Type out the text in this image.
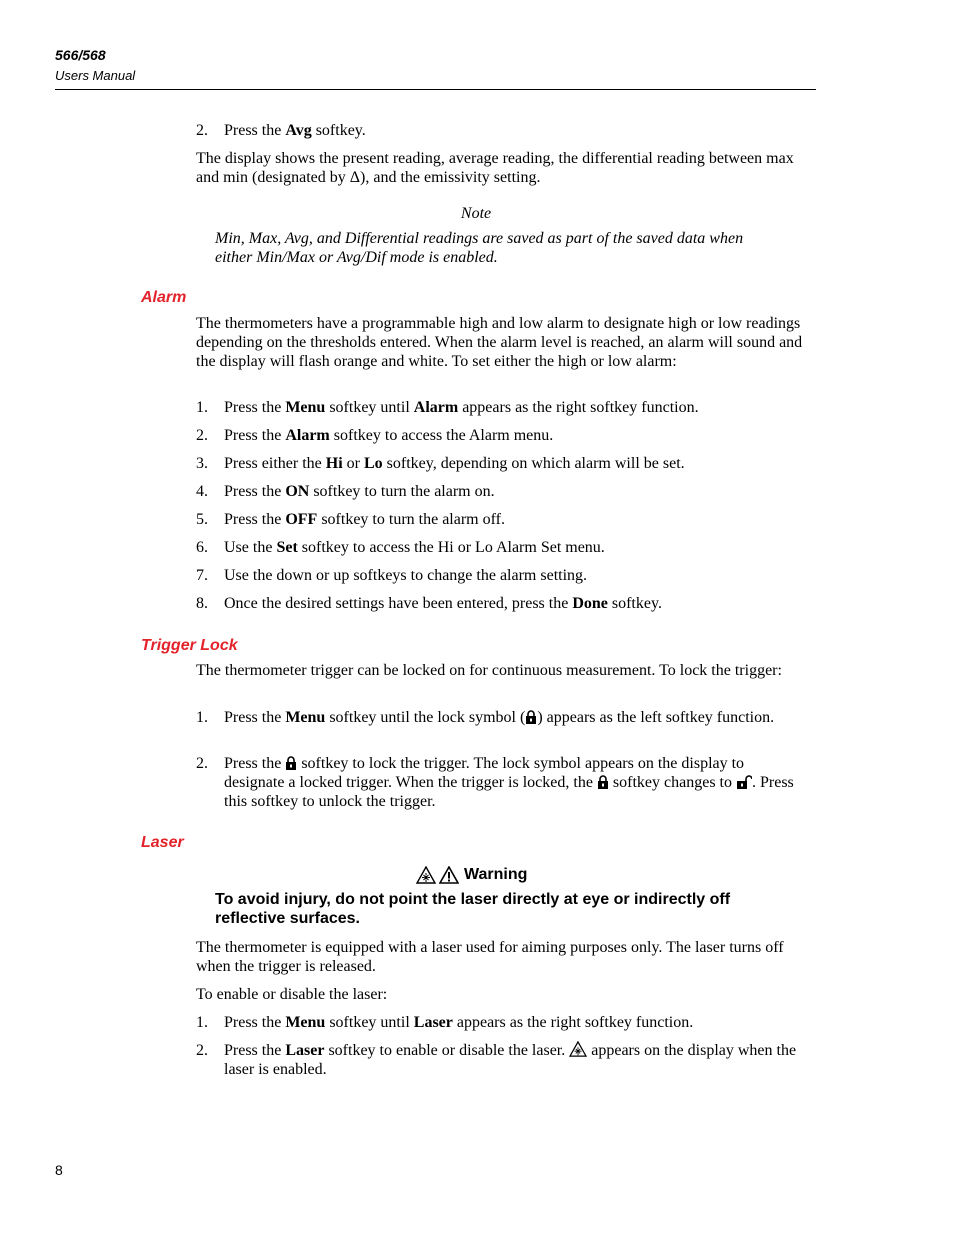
566/568
Users Manual
2. Press the Avg softkey.

The display shows the present reading, average reading, the differential reading between max and min (designated by Δ), and the emissivity setting.

Note
Min, Max, Avg, and Differential readings are saved as part of the saved data when either Min/Max or Avg/Dif mode is enabled.
Alarm

The thermometers have a programmable high and low alarm to designate high or low readings depending on the thresholds entered. When the alarm level is reached, an alarm will sound and the display will flash orange and white. To set either the high or low alarm:

1. Press the Menu softkey until Alarm appears as the right softkey function.
2. Press the Alarm softkey to access the Alarm menu.
3. Press either the Hi or Lo softkey, depending on which alarm will be set.
4. Press the ON softkey to turn the alarm on.
5. Press the OFF softkey to turn the alarm off.
6. Use the Set softkey to access the Hi or Lo Alarm Set menu.
7. Use the down or up softkeys to change the alarm setting.
8. Once the desired settings have been entered, press the Done softkey.
Trigger Lock

The thermometer trigger can be locked on for continuous measurement. To lock the trigger:

1. Press the Menu softkey until the lock symbol ( ) appears as the left softkey function.
2. Press the  softkey to lock the trigger. The lock symbol appears on the display to designate a locked trigger. When the trigger is locked, the  softkey changes to . Press this softkey to unlock the trigger.
Laser
Warning
To avoid injury, do not point the laser directly at eye or indirectly off reflective surfaces.

The thermometer is equipped with a laser used for aiming purposes only. The laser turns off when the trigger is released.

To enable or disable the laser:

1. Press the Menu softkey until Laser appears as the right softkey function.
2. Press the Laser softkey to enable or disable the laser.  appears on the display when the laser is enabled.
8
